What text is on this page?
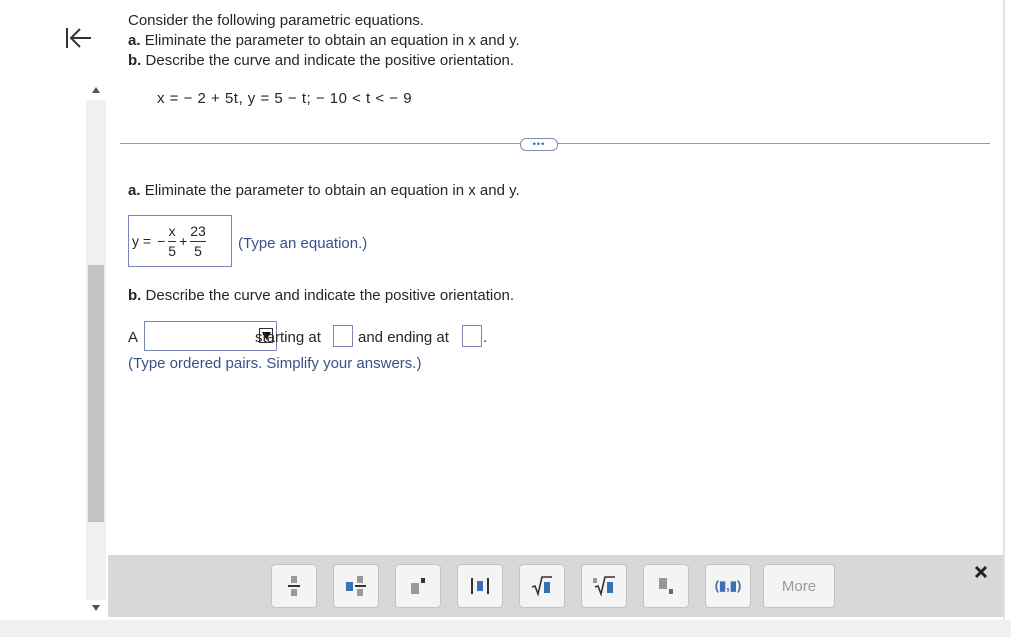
Consider the following parametric equations.
a. Eliminate the parameter to obtain an equation in x and y.
b. Describe the curve and indicate the positive orientation.
x = − 2 + 5t, y = 5 − t; − 10 < t < − 9
•••
a. Eliminate the parameter to obtain an equation in x and y.
y = − $\frac{x}{5} + \frac{23}{5}$ (Type an equation.)
b. Describe the curve and indicate the positive orientation.
A	starting at and ending at .
(Type ordered pairs. Simplify your answers.)
(▮,▮)	More
